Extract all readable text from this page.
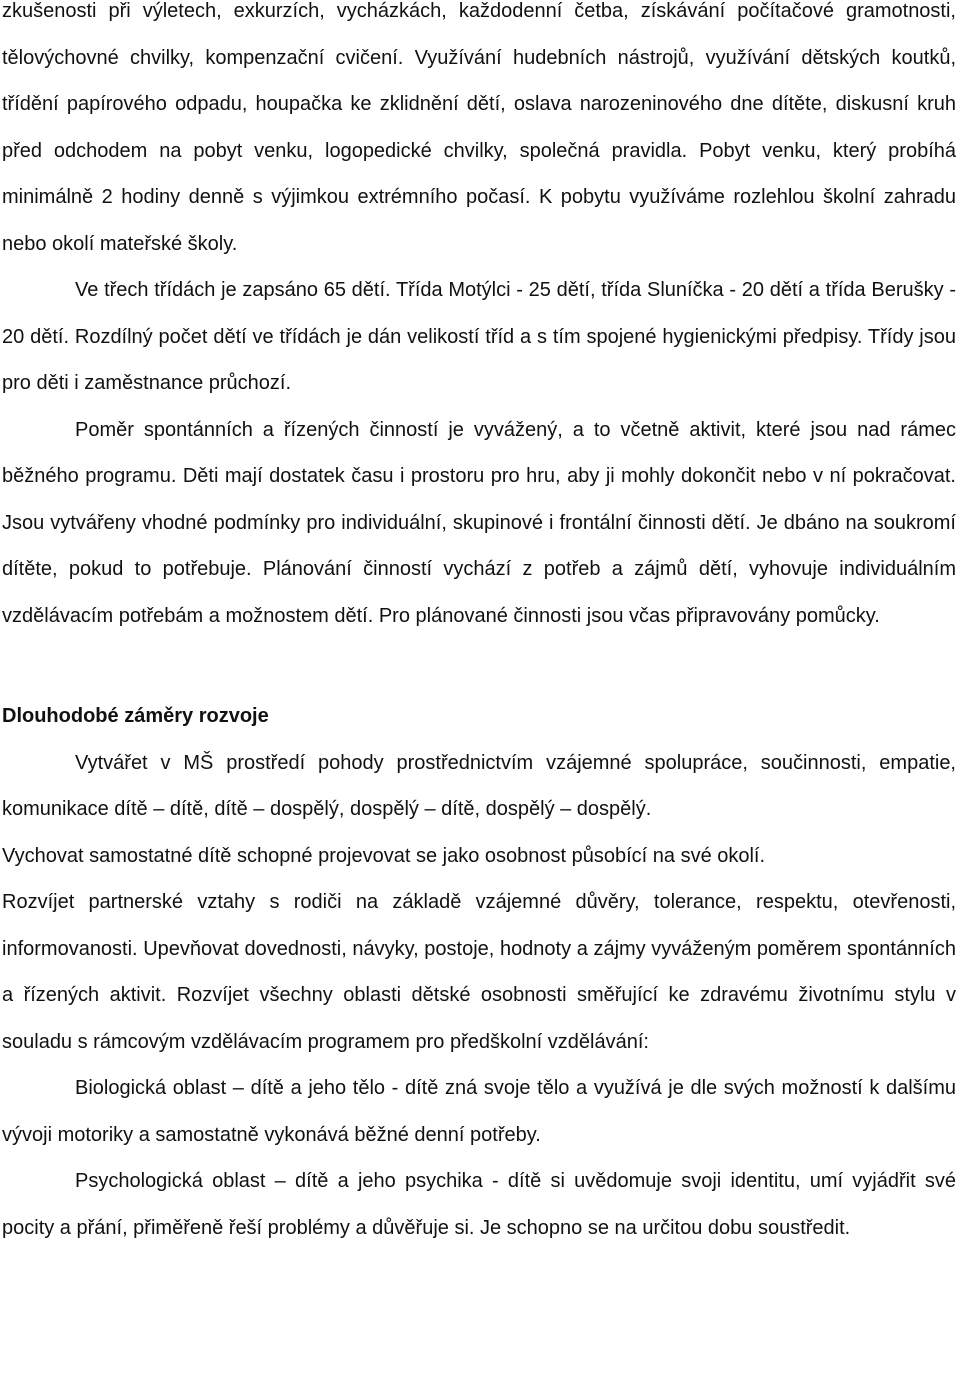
zkušenosti při výletech, exkurzích, vycházkách, každodenní četba, získávání počítačové gramotnosti, tělovýchovné chvilky, kompenzační cvičení. Využívání hudebních nástrojů, využívání dětských koutků, třídění papírového odpadu, houpačka ke zklidnění dětí, oslava narozeninového dne dítěte, diskusní kruh před odchodem na pobyt venku, logopedické chvilky, společná pravidla. Pobyt venku, který probíhá minimálně 2 hodiny denně s výjimkou extrémního počasí. K pobytu využíváme rozlehlou školní zahradu nebo okolí mateřské školy.

Ve třech třídách je zapsáno 65 dětí. Třída Motýlci - 25 dětí, třída Sluníčka - 20 dětí a třída Berušky - 20 dětí. Rozdílný počet dětí ve třídách je dán velikostí tříd a s tím spojené hygienickými předpisy. Třídy jsou pro děti i zaměstnance průchozí.

Poměr spontánních a řízených činností je vyvážený, a to včetně aktivit, které jsou nad rámec běžného programu. Děti mají dostatek času i prostoru pro hru, aby ji mohly dokončit nebo v ní pokračovat. Jsou vytvářeny vhodné podmínky pro individuální, skupinové i frontální činnosti dětí. Je dbáno na soukromí dítěte, pokud to potřebuje. Plánování činností vychází z potřeb a zájmů dětí, vyhovuje individuálním vzdělávacím potřebám a možnostem dětí. Pro plánované činnosti jsou včas připravovány pomůcky.

Dlouhodobé záměry rozvoje

Vytvářet v MŠ prostředí pohody prostřednictvím vzájemné spolupráce, součinnosti, empatie, komunikace dítě – dítě, dítě – dospělý, dospělý – dítě, dospělý – dospělý.

Vychovat samostatné dítě schopné projevovat se jako osobnost působící na své okolí.

Rozvíjet partnerské vztahy s rodiči na základě vzájemné důvěry, tolerance, respektu, otevřenosti, informovanosti. Upevňovat dovednosti, návyky, postoje, hodnoty a zájmy vyváženým poměrem spontánních a řízených aktivit. Rozvíjet všechny oblasti dětské osobnosti směřující ke zdravému životnímu stylu v souladu s rámcovým vzdělávacím programem pro předškolní vzdělávání:

Biologická oblast – dítě a jeho tělo - dítě zná svoje tělo a využívá je dle svých možností k dalšímu vývoji motoriky a samostatně vykonává běžné denní potřeby.

Psychologická oblast – dítě a jeho psychika - dítě si uvědomuje svoji identitu, umí vyjádřit své pocity a přání, přiměřeně řeší problémy a důvěřuje si. Je schopno se na určitou dobu soustředit.
